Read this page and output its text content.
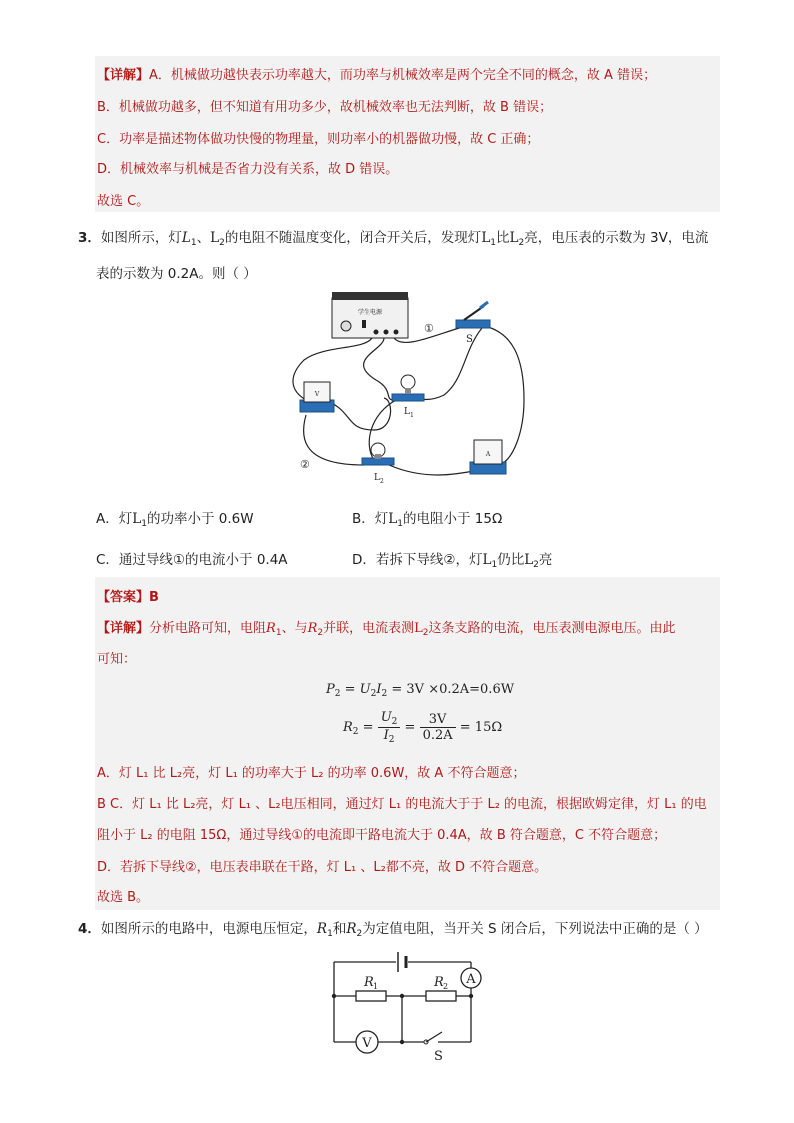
【详解】A．机械做功越快表示功率越大，而功率与机械效率是两个完全不同的概念，故 A 错误；
B．机械做功越多，但不知道有用功多少，故机械效率也无法判断，故 B 错误；
C．功率是描述物体做功快慢的物理量，则功率小的机器做功慢，故 C 正确；
D．机械效率与机械是否省力没有关系，故 D 错误。
故选 C。
3．如图所示，灯$L_1$、$L_2$的电阻不随温度变化，闭合开关后，发现灯$L_1$比$L_2$亮，电压表的示数为 3V，电流
表的示数为 0.2A。则（ ）
学生电源
①
S
V
L 1
L 2
②
A
A．灯$L_1$的功率小于 0.6W	B．灯$L_1$的电阻小于 15Ω
C．通过导线①的电流小于 0.4A	D．若拆下导线②，灯$L_1$仍比$L_2$亮
【答案】B
【详解】分析电路可知，电阻$R_1$、与$R_2$并联，电流表测$L_2$这条支路的电流，电压表测电源电压。由此
可知：
$P_2 = U_2I_2 = 3V \times 0.2A=0.6W$
$R_2 = \frac{U_2}{I_2} = \frac{3V}{0.2A} = 15\Omega$
A．灯 L₁ 比 L₂亮，灯 L₁ 的功率大于 L₂ 的功率 0.6W，故 A 不符合题意；
B C．灯 L₁ 比 L₂亮，灯 L₁ 、L₂电压相同，通过灯 L₁ 的电流大于于 L₂ 的电流，根据欧姆定律，灯 L₁ 的电
阻小于 L₂ 的电阻 15Ω，通过导线①的电流即干路电流大于 0.4A，故 B 符合题意，C 不符合题意；
D．若拆下导线②，电压表串联在干路，灯 L₁ 、L₂都不亮，故 D 不符合题意。
故选 B。
4．如图所示的电路中，电源电压恒定，$R_1$和$R_2$为定值电阻，当开关 S 闭合后，下列说法中正确的是（ ）
R 1	R 2 A
V
S
